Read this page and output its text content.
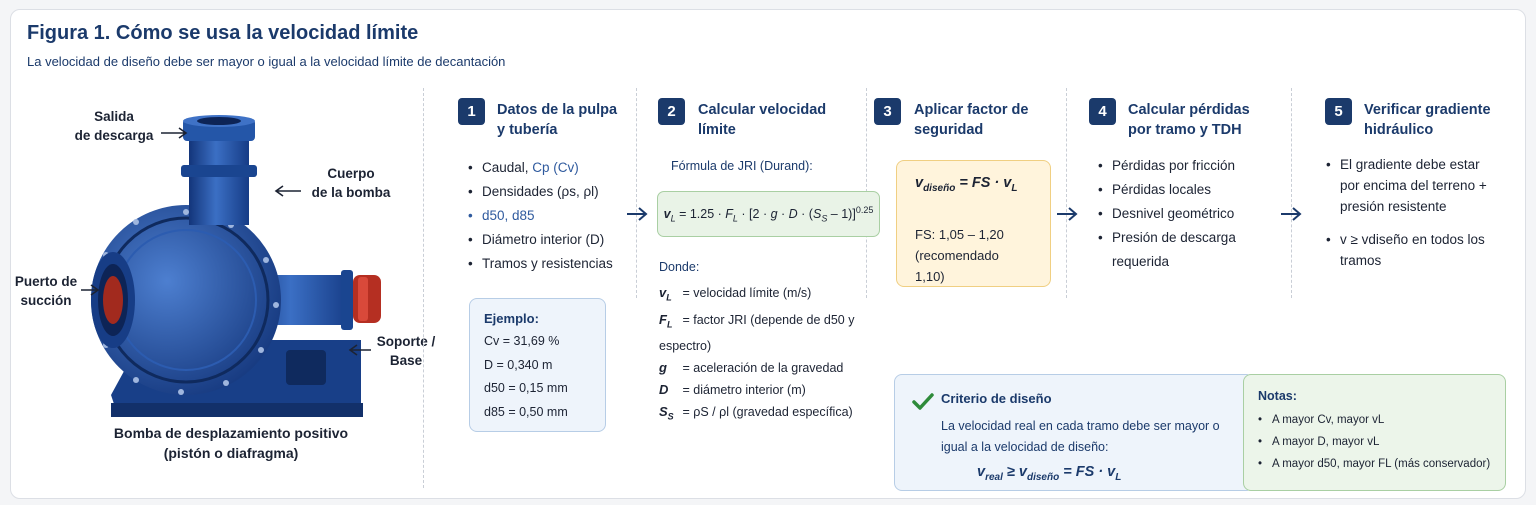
Figura 1. Cómo se usa la velocidad límite
La velocidad de diseño debe ser mayor o igual a la velocidad límite de decantación
Salida
de descarga
Cuerpo
de la bomba
Puerto de
succión
Soporte /
Base
Bomba de desplazamiento positivo
(pistón o diafragma)
1	Datos de la pulpa
y tubería
• Caudal, Cp (Cv)
• Densidades (ρs, ρl)
• d50, d85
• Diámetro interior (D)
• Tramos y resistencias
Ejemplo:
Cv = 31,69 %
D = 0,340 m
d50 = 0,15 mm
d85 = 0,50 mm
2	Calcular velocidad
límite
Fórmula de JRI (Durand):
$v_L = 1.25 \cdot F_L \cdot [2 \cdot g \cdot D \cdot (S_S - 1)]^{0.25}$
Donde:
$v_L$ = velocidad límite (m/s)
$F_L$ = factor JRI (depende de d50 y espectro)
g = aceleración de la gravedad
D = diámetro interior (m)
$S_S = \rho S / \rho l$ (gravedad específica)
3	Aplicar factor de
seguridad
$v_{diseño}$ = FS · $v_L$
FS: 1,05 – 1,20
(recomendado 1,10)
4	Calcular pérdidas
por tramo y TDH
• Pérdidas por fricción
• Pérdidas locales
• Desnivel geométrico
• Presión de descarga requerida
5	Verificar gradiente
hidráulico
• El gradiente debe estar por encima del terreno + presión resistente
• v ≥ vdiseño en todos los tramos
Criterio de diseño
La velocidad real en cada tramo debe ser mayor o
igual a la velocidad de diseño:
$v_{real} \ge v_{diseño}$ = FS · $v_L$
Notas:
• A mayor Cv, mayor vL
• A mayor D, mayor vL
• A mayor d50, mayor FL (más conservador)
